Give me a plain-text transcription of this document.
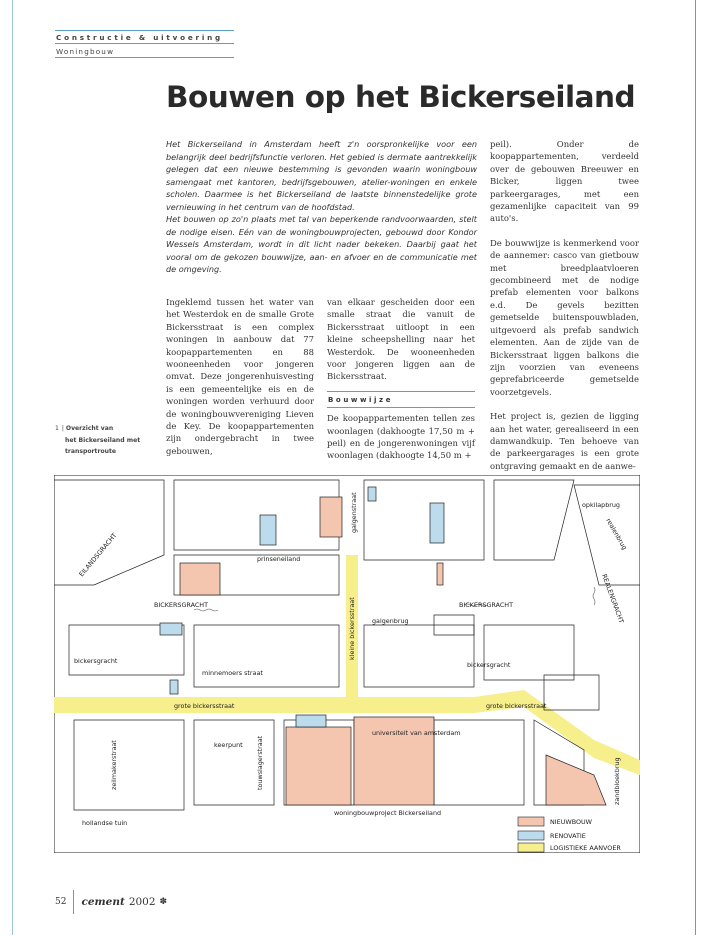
Constructie & uitvoering
Woningbouw
Bouwen op het Bickerseiland

Het Bickerseiland in Amsterdam heeft z'n oorspronkelijke voor een belangrijk deel bedrijfsfunctie verloren. Het gebied is dermate aantrekkelijk gelegen dat een nieuwe bestemming is gevonden waarin woningbouw samengaat met kantoren, bedrijfsgebouwen, atelier-woningen en enkele scholen. Daarmee is het Bickerseiland de laatste binnenstedelijke grote vernieuwing in het centrum van de hoofdstad.

Het bouwen op zo'n plaats met tal van beperkende randvoorwaarden, stelt de nodige eisen. Eén van de woningbouwprojecten, gebouwd door Kondor Wessels Amsterdam, wordt in dit licht nader bekeken. Daarbij gaat het vooral om de gekozen bouwwijze, aan- en afvoer en de communicatie met de omgeving.

Ingeklemd tussen het water van het Westerdok en de smalle Grote Bickersstraat is een complex woningen in aanbouw dat 77 koopappartementen en 88 wooneenheden voor jongeren omvat. Deze jongerenhuisvesting is een gemeentelijke eis en de woningen worden verhuurd door de woningbouwvereniging Lieven de Key. De koopappartementen zijn ondergebracht in twee gebouwen,

van elkaar gescheiden door een smalle straat die vanuit de Bickersstraat uitloopt in een kleine scheepshelling naar het Westerdok. De wooneenheden voor jongeren liggen aan de Bickersstraat.

Bouwwijze

De koopappartementen tellen zes woonlagen (dakhoogte 17,50 m + peil) en de jongerenwoningen vijf woonlagen (dakhoogte 14,50 m +

peil). Onder de koopappartementen, verdeeld over de gebouwen Breeuwer en Bicker, liggen twee parkeergarages, met een gezamenlijke capaciteit van 99 auto's.

De bouwwijze is kenmerkend voor de aannemer: casco van gietbouw met breedplaatvloeren gecombineerd met de nodige prefab elementen voor balkons e.d. De gevels bezitten gemetselde buitenspouwbladen, uitgevoerd als prefab sandwich elementen. Aan de zijde van de Bickersstraat liggen balkons die zijn voorzien van eveneens geprefabriceerde gemetselde voorzetgevels.

Het project is, gezien de ligging aan het water, gerealiseerd in een damwandkuip. Ten behoeve van de parkeergarages is een grote ontgraving gemaakt en de aanwe-

1 | Overzicht van
het Bickerseiland met
transportroute
EILANDSGRACHT	prinseneiland
galgenstraat
BICKERSGRACHT	BICKERSGRACHT
galgenbrug
kleine bickersstraat
bickersgracht	bickersgracht
minnemoers straat
grote bickersstraat	grote bickersstraat
keerpunt
universiteit van amsterdam
zandbloekbrug
REALENGRACHT
realenbrug
opkilapbrug
zeilmakerstraat	touwslagerstraat
hollandse tuin
woningbouwproject Bickerseiland
NIEUWBOUW
RENOVATIE
LOGISTIEKE AANVOER
52 cement 2002 ✽
